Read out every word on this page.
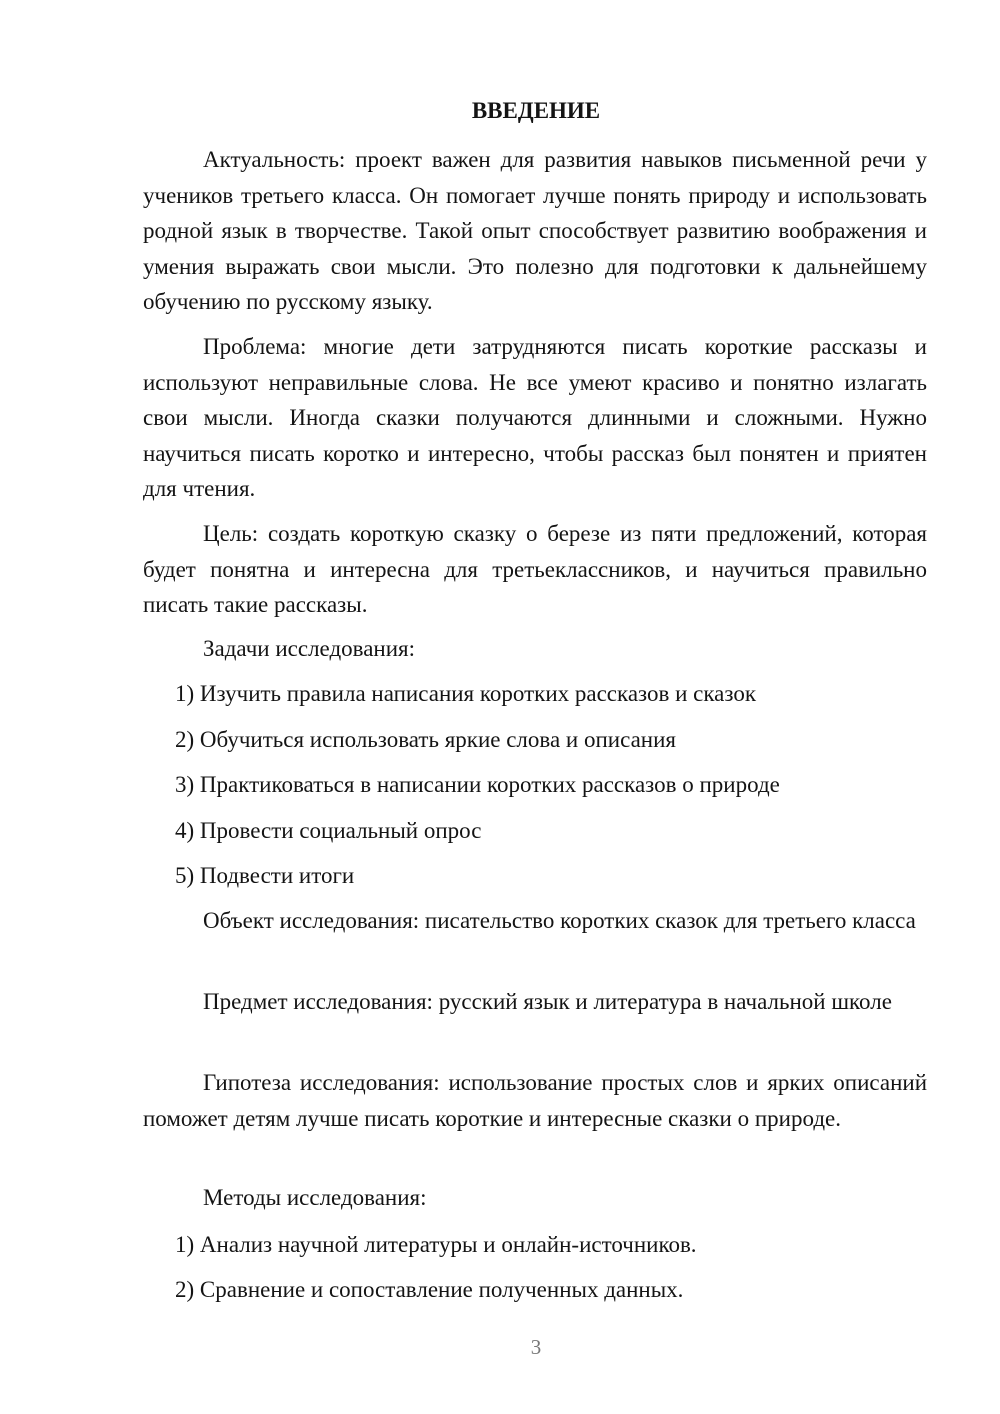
ВВЕДЕНИЕ

Актуальность: проект важен для развития навыков письменной речи у учеников третьего класса. Он помогает лучше понять природу и использовать родной язык в творчестве. Такой опыт способствует развитию воображения и умения выражать свои мысли. Это полезно для подготовки к дальнейшему обучению по русскому языку.

Проблема: многие дети затрудняются писать короткие рассказы и используют неправильные слова. Не все умеют красиво и понятно излагать свои мысли. Иногда сказки получаются длинными и сложными. Нужно научиться писать коротко и интересно, чтобы рассказ был понятен и приятен для чтения.

Цель: создать короткую сказку о березе из пяти предложений, которая будет понятна и интересна для третьеклассников, и научиться правильно писать такие рассказы.

Задачи исследования:

1) Изучить правила написания коротких рассказов и сказок

2) Обучиться использовать яркие слова и описания

3) Практиковаться в написании коротких рассказов о природе

4) Провести социальный опрос

5) Подвести итоги

Объект исследования: писательство коротких сказок для третьего класса

Предмет исследования: русский язык и литература в начальной школе

Гипотеза исследования: использование простых слов и ярких описаний поможет детям лучше писать короткие и интересные сказки о природе.

Методы исследования:

1) Анализ научной литературы и онлайн-источников.

2) Сравнение и сопоставление полученных данных.

3
